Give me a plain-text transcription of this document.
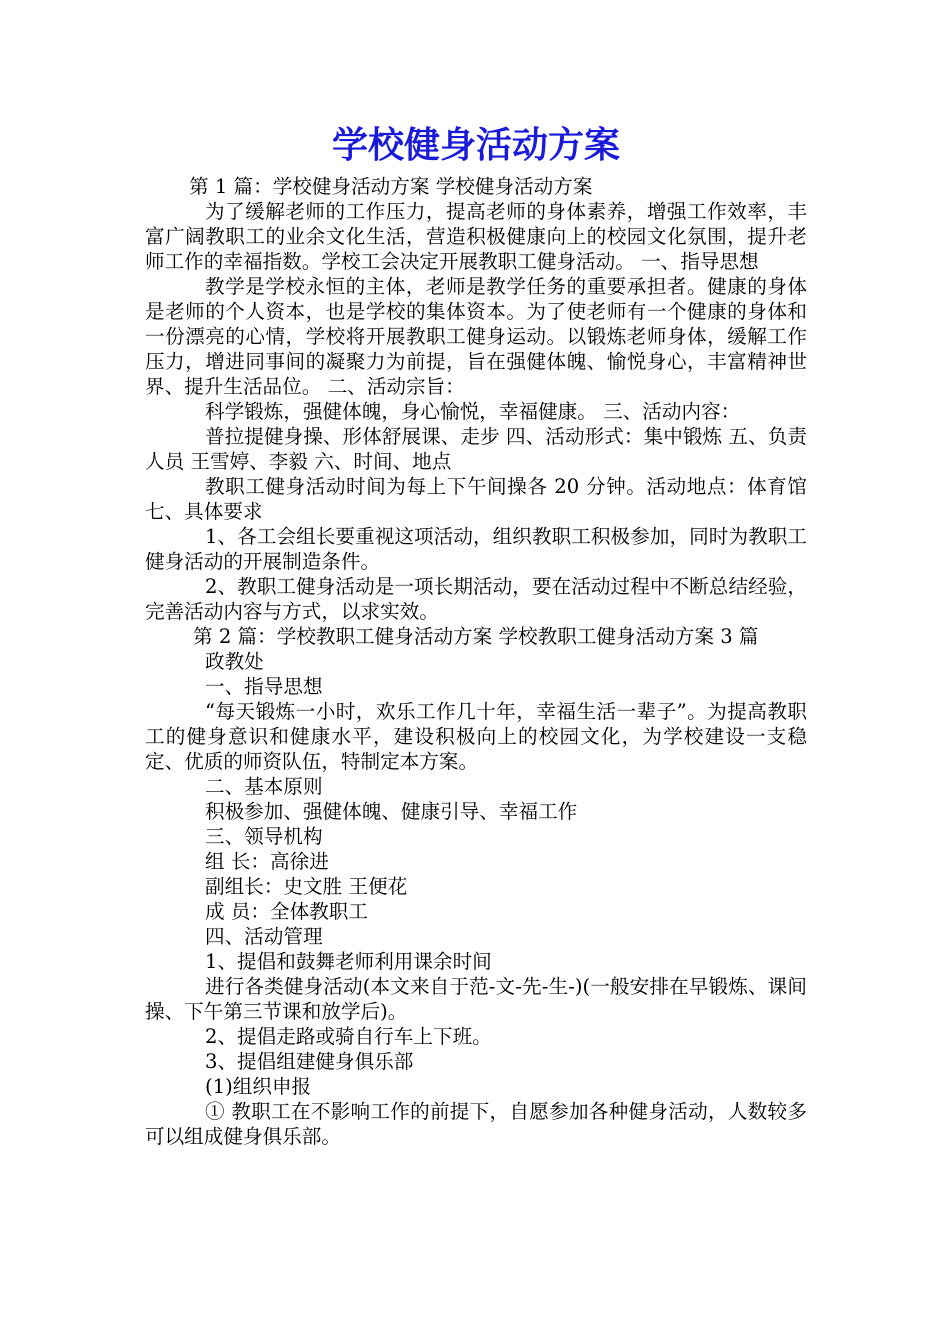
学校健身活动方案

第 1 篇：学校健身活动方案 学校健身活动方案

为了缓解老师的工作压力，提高老师的身体素养，增强工作效率，丰富广阔教职工的业余文化生活，营造积极健康向上的校园文化氛围，提升老师工作的幸福指数。学校工会决定开展教职工健身活动。 一、指导思想

教学是学校永恒的主体，老师是教学任务的重要承担者。健康的身体是老师的个人资本，也是学校的集体资本。为了使老师有一个健康的身体和一份漂亮的心情，学校将开展教职工健身运动。以锻炼老师身体，缓解工作压力，增进同事间的凝聚力为前提，旨在强健体魄、愉悦身心，丰富精神世界、提升生活品位。 二、活动宗旨：

科学锻炼，强健体魄，身心愉悦，幸福健康。 三、活动内容：

普拉提健身操、形体舒展课、走步 四、活动形式：集中锻炼 五、负责人员 王雪婷、李毅 六、时间、地点

教职工健身活动时间为每上下午间操各 20 分钟。活动地点：体育馆 七、具体要求

1、各工会组长要重视这项活动，组织教职工积极参加，同时为教职工健身活动的开展制造条件。

2、教职工健身活动是一项长期活动，要在活动过程中不断总结经验，完善活动内容与方式，以求实效。

第 2 篇：学校教职工健身活动方案 学校教职工健身活动方案 3 篇

政教处

一、指导思想

“每天锻炼一小时，欢乐工作几十年，幸福生活一辈子”。为提高教职工的健身意识和健康水平，建设积极向上的校园文化，为学校建设一支稳定、优质的师资队伍，特制定本方案。

二、基本原则

积极参加、强健体魄、健康引导、幸福工作

三、领导机构

组 长：高徐进

副组长：史文胜 王便花

成 员：全体教职工

四、活动管理

1、提倡和鼓舞老师利用课余时间

进行各类健身活动(本文来自于范-文-先-生-)(一般安排在早锻炼、课间操、下午第三节课和放学后)。

2、提倡走路或骑自行车上下班。

3、提倡组建健身俱乐部

(1)组织申报

① 教职工在不影响工作的前提下，自愿参加各种健身活动，人数较多可以组成健身俱乐部。
